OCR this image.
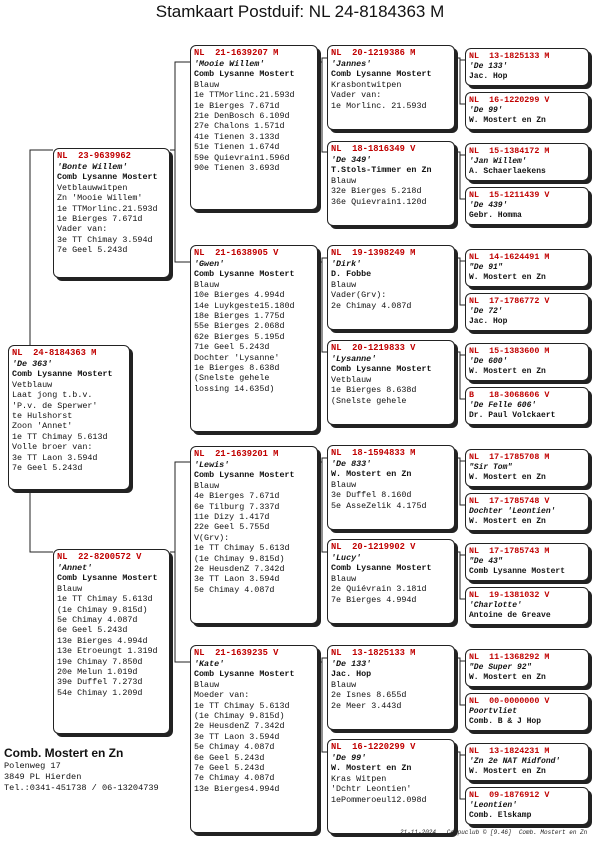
Stamkaart Postduif: NL 24-8184363 M
NL  24-8184363 M
'De 363'
Comb Lysanne Mostert
Vetblauw
Laat jong t.b.v.
'P.v. de Sperwer'
te Hulshorst
Zoon 'Annet'
1e TT Chimay 5.613d
Volle broer van:
3e TT Laon 3.594d
7e Geel 5.243d
NL  23-9639962
'Bonte Willem'
Comb Lysanne Mostert
Vetblauwwitpen
Zn 'Mooie Willem'
1e TTMorlinc.21.593d
1e Bierges 7.671d
Vader van:
3e TT Chimay 3.594d
7e Geel 5.243d
NL  22-8200572 V
'Annet'
Comb Lysanne Mostert
Blauw
1e TT Chimay 5.613d
(1e Chimay 9.815d)
5e Chimay 4.087d
6e Geel 5.243d
13e Bierges 4.994d
13e Etroeungt 1.319d
19e Chimay 7.850d
20e Melun 1.019d
39e Duffel 7.273d
54e Chimay 1.209d
NL  21-1639207 M
'Mooie Willem'
Comb Lysanne Mostert
Blauw
1e TTMorlinc.21.593d
1e Bierges 7.671d
21e DenBosch 6.109d
27e Chalons 1.571d
41e Tienen 3.133d
51e Tienen 1.674d
59e Quievrain1.596d
90e Tienen 3.693d
NL  21-1638905 V
'Gwen'
Comb Lysanne Mostert
Blauw
10e Bierges 4.994d
14e Luykgeste15.180d
18e Bierges 1.775d
55e Bierges 2.068d
62e Bierges 5.195d
71e Geel 5.243d
Dochter 'Lysanne'
1e Bierges 8.638d
(Snelste gehele
lossing 14.635d)
NL  21-1639201 M
'Lewis'
Comb Lysanne Mostert
Blauw
4e Bierges 7.671d
6e Tilburg 7.337d
11e Dizy 1.417d
22e Geel 5.755d
V(Grv):
1e TT Chimay 5.613d
(1e Chimay 9.815d)
2e HeusdenZ 7.342d
3e TT Laon 3.594d
5e Chimay 4.087d
NL  21-1639235 V
'Kate'
Comb Lysanne Mostert
Blauw
Moeder van:
1e TT Chimay 5.613d
(1e Chimay 9.815d)
2e HeusdenZ 7.342d
3e TT Laon 3.594d
5e Chimay 4.087d
6e Geel 5.243d
7e Geel 5.243d
7e Chimay 4.087d
13e Bierges4.994d
NL  20-1219386 M
'Jannes'
Comb Lysanne Mostert
Krasbontwitpen
Vader van:
1e Morlinc. 21.593d
NL  18-1816349 V
'De 349'
T.Stols-Timmer en Zn
Blauw
32e Bierges 5.218d
36e Quievrain1.120d
NL  19-1398249 M
'Dirk'
D. Fobbe
Blauw
Vader(Grv):
2e Chimay 4.087d
NL  20-1219833 V
'Lysanne'
Comb Lysanne Mostert
Vetblauw
1e Bierges 8.638d
(Snelste gehele
NL  18-1594833 M
'De 833'
W. Mostert en Zn
Blauw
3e Duffel 8.160d
5e AsseZelik 4.175d
NL  20-1219902 V
'Lucy'
Comb Lysanne Mostert
Blauw
2e Quiévrain 3.181d
7e Bierges 4.994d
NL  13-1825133 M
'De 133'
Jac. Hop
Blauw
2e Isnes 8.655d
2e Meer 3.443d
NL  16-1220299 V
'De 99'
W. Mostert en Zn
Kras Witpen
'Dchtr Leontien'
1ePommeroeul12.098d
NL  13-1825133 M
'De 133'
Jac. Hop
NL  16-1220299 V
'De 99'
W. Mostert en Zn
NL  15-1384172 M
'Jan Willem'
A. Schaerlaekens
NL  15-1211439 V
'De 439'
Gebr. Homma
NL  14-1624491 M
"De 91"
W. Mostert en Zn
NL  17-1786772 V
'De 72'
Jac. Hop
NL  15-1383600 M
'De 600'
W. Mostert en Zn
B   18-3068606 V
'De Felle 606'
Dr. Paul Volckaert
NL  17-1785708 M
"Sir Tom"
W. Mostert en Zn
NL  17-1785748 V
Dochter 'Leontien'
W. Mostert en Zn
NL  17-1785743 M
"De 43"
Comb Lysanne Mostert
NL  19-1381032 V
'Charlotte'
Antoine de Greave
NL  11-1368292 M
"De Super 92"
W. Mostert en Zn
NL  00-0000000 V
Poortvliet
Comb. B & J Hop
NL  13-1824231 M
'Zn 2e NAT Midfond'
W. Mostert en Zn
NL  09-1876912 V
'Leontien'
Comb. Elskamp
Comb. Mostert en Zn
Polenweg 17
3849 PL Hierden
Tel.:0341-451738 / 06-13204739
21-11-2024   Compuclub © [9.46]  Comb. Mostert en Zn
